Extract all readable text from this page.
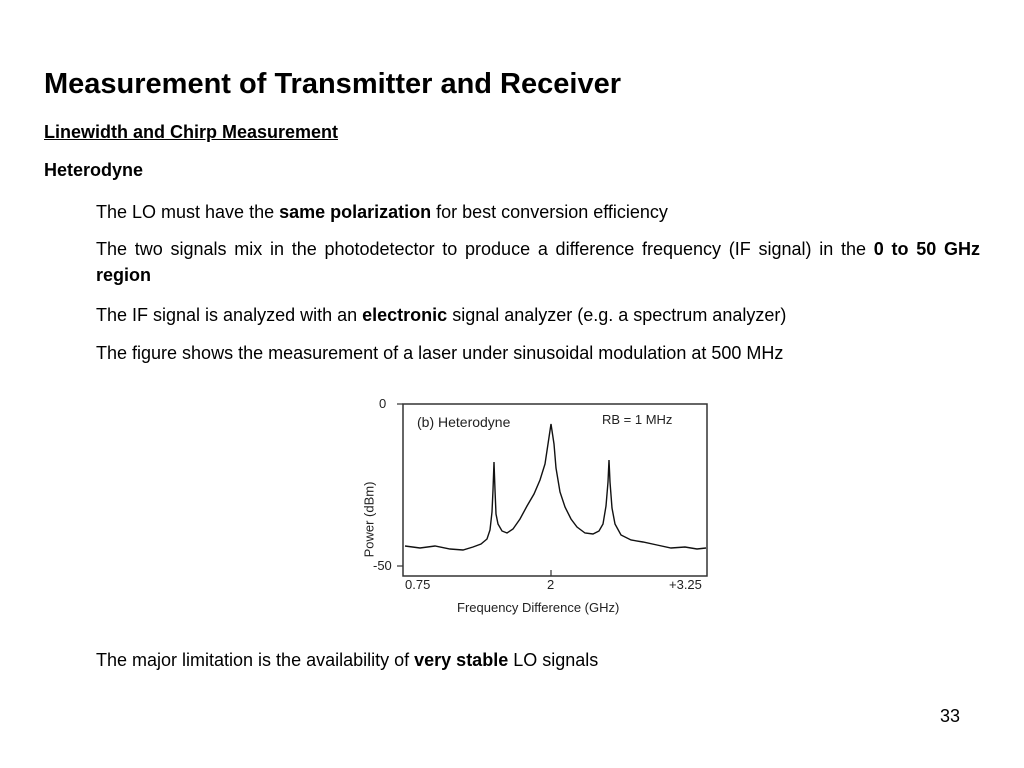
Measurement of Transmitter and Receiver
Linewidth and Chirp Measurement
Heterodyne
The LO must have the same polarization for best conversion efficiency
The two signals mix in the photodetector to produce a difference frequency (IF signal) in the 0 to 50 GHz region
The IF signal is analyzed with an electronic signal analyzer (e.g. a spectrum analyzer)
The figure shows the measurement of a laser under sinusoidal modulation at 500 MHz
(b) Heterodyne	RB = 1 MHz
0
-50
Power (dBm)
0.75	2	+3.25
Frequency Difference (GHz)
The major limitation is the availability of very stable LO signals
33
